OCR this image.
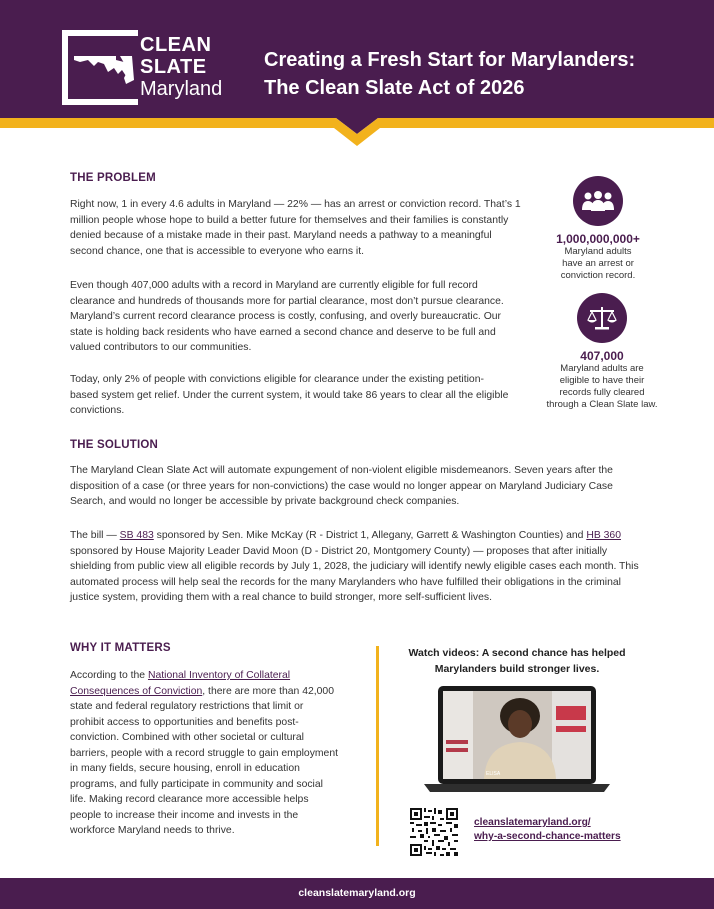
CLEAN
SLATE
Maryland
Creating a Fresh Start for Marylanders:
The Clean Slate Act of 2026
THE PROBLEM

Right now, 1 in every 4.6 adults in Maryland — 22% — has an arrest or conviction record. That’s 1 million people whose hope to build a better future for themselves and their families is constantly denied because of a mistake made in their past. Maryland needs a pathway to a meaningful second chance, one that is accessible to everyone who earns it.

Even though 407,000 adults with a record in Maryland are currently eligible for full record clearance and hundreds of thousands more for partial clearance, most don’t pursue clearance. Maryland’s current record clearance process is costly, confusing, and overly bureaucratic. Our state is holding back residents who have earned a second chance and deserve to be full and valued contributors to our communities.

Today, only 2% of people with convictions eligible for clearance under the existing petition-based system get relief. Under the current system, it would take 86 years to clear all the eligible convictions.

1,000,000,000+
Maryland adults
have an arrest or
conviction record.
407,000
Maryland adults are
eligible to have their
records fully cleared
through a Clean Slate law.
THE SOLUTION

The Maryland Clean Slate Act will automate expungement of non-violent eligible misdemeanors. Seven years after the disposition of a case (or three years for non-convictions) the case would no longer appear on Maryland Judiciary Case Search, and would no longer be accessible by private background check companies.

The bill — SB 483 sponsored by Sen. Mike McKay (R - District 1, Allegany, Garrett & Washington Counties) and HB 360 sponsored by House Majority Leader David Moon (D - District 20, Montgomery County) — proposes that after initially shielding from public view all eligible records by July 1, 2028, the judiciary will identify newly eligible cases each month. This automated process will help seal the records for the many Marylanders who have fulfilled their obligations in the criminal justice system, providing them with a real chance to build stronger, more self-sufficient lives.

WHY IT MATTERS

According to the National Inventory of Collateral Consequences of Conviction, there are more than 42,000 state and federal regulatory restrictions that limit or prohibit access to opportunities and benefits post-conviction. Combined with other societal or cultural barriers, people with a record struggle to gain employment in many fields, secure housing, enroll in education programs, and fully participate in community and social life. Making record clearance more accessible helps people to increase their income and invests in the workforce Maryland needs to thrive.

Watch videos: A second chance has helped
Marylanders build stronger lives.
ELISA
cleanslatemaryland.org/
why-a-second-chance-matters
cleanslatemaryland.org
